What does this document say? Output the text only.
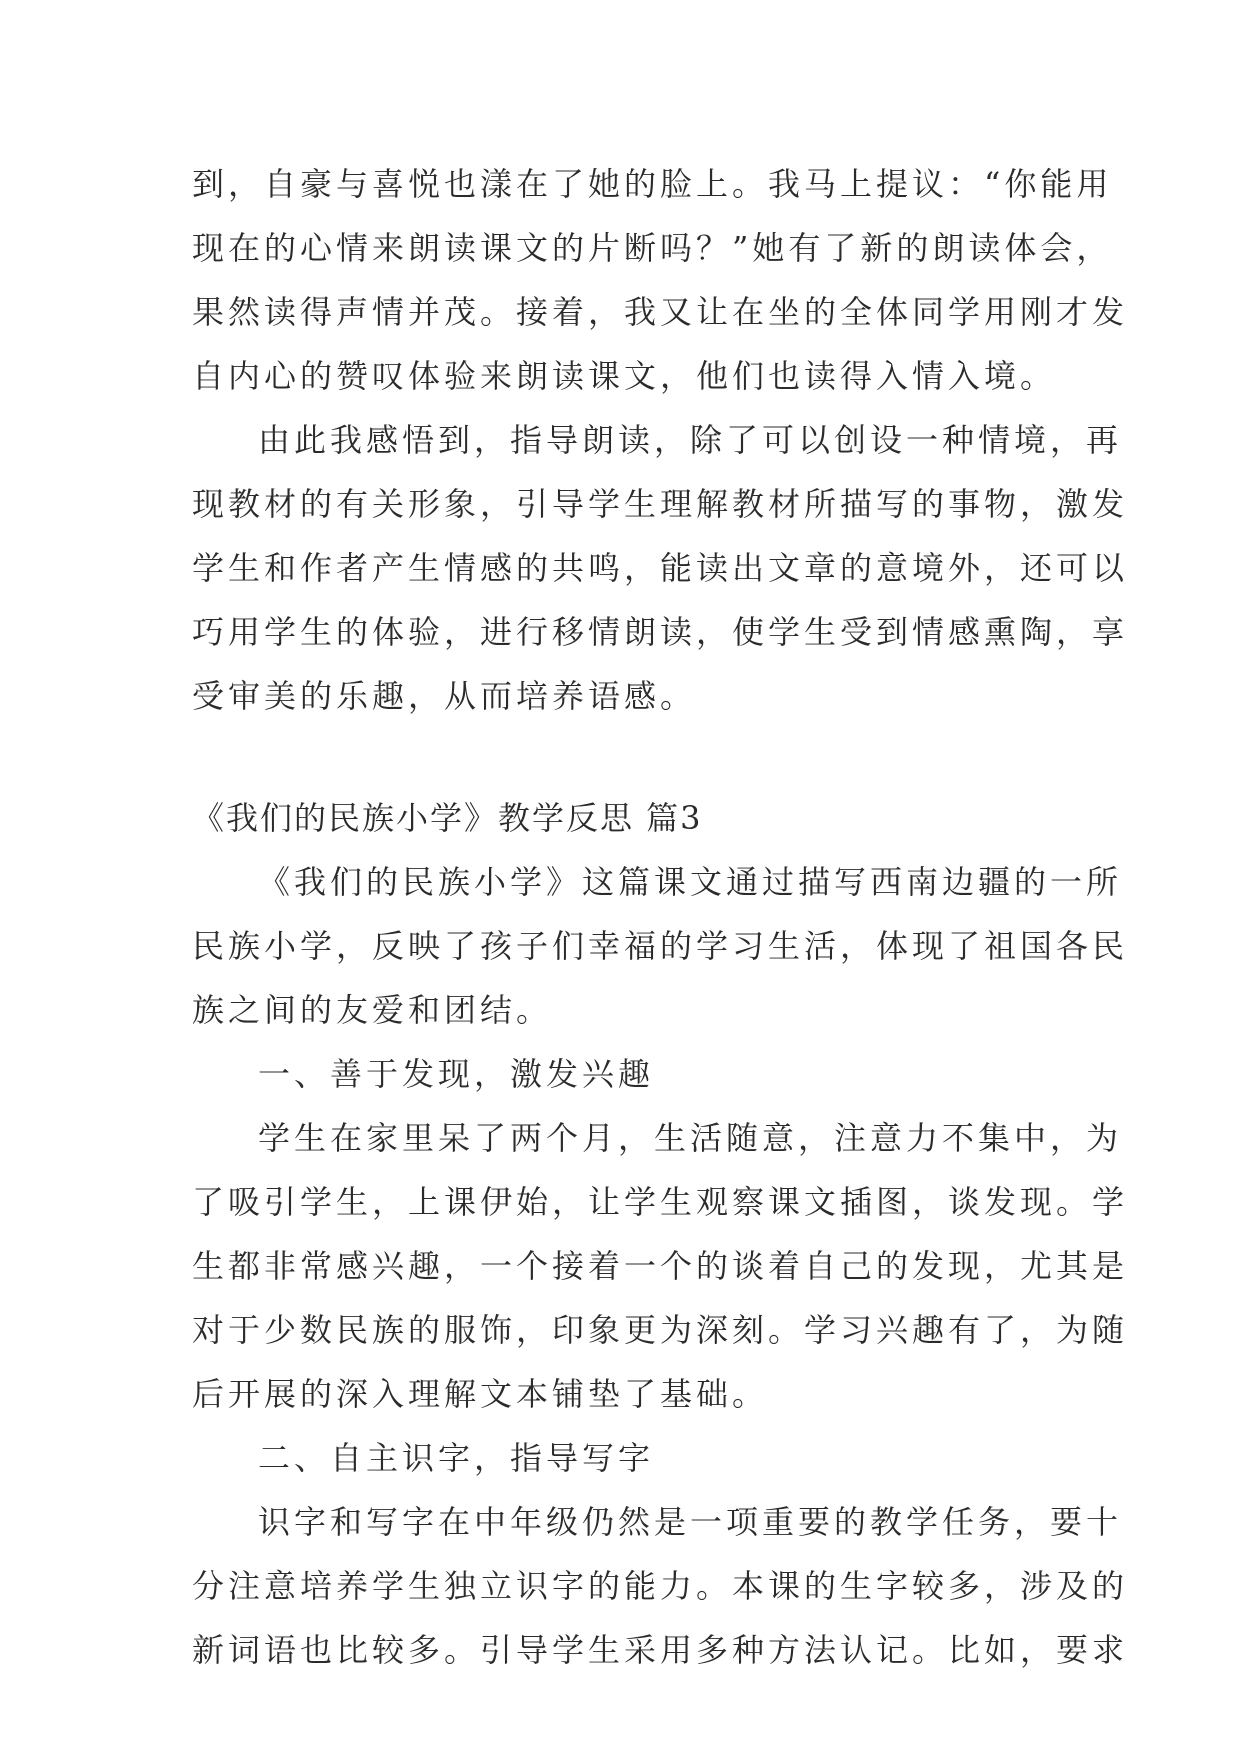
到，自豪与喜悦也漾在了她的脸上。我马上提议：“你能用
现在的心情来朗读课文的片断吗？”她有了新的朗读体会，
果然读得声情并茂。接着，我又让在坐的全体同学用刚才发
自内心的赞叹体验来朗读课文，他们也读得入情入境。
由此我感悟到，指导朗读，除了可以创设一种情境，再
现教材的有关形象，引导学生理解教材所描写的事物，激发
学生和作者产生情感的共鸣，能读出文章的意境外，还可以
巧用学生的体验，进行移情朗读，使学生受到情感熏陶，享
受审美的乐趣，从而培养语感。
《我们的民族小学》教学反思 篇3
《我们的民族小学》这篇课文通过描写西南边疆的一所
民族小学，反映了孩子们幸福的学习生活，体现了祖国各民
族之间的友爱和团结。
一、善于发现，激发兴趣
学生在家里呆了两个月，生活随意，注意力不集中，为
了吸引学生，上课伊始，让学生观察课文插图，谈发现。学
生都非常感兴趣，一个接着一个的谈着自己的发现，尤其是
对于少数民族的服饰，印象更为深刻。学习兴趣有了，为随
后开展的深入理解文本铺垫了基础。
二、自主识字，指导写字
识字和写字在中年级仍然是一项重要的教学任务，要十
分注意培养学生独立识字的能力。本课的生字较多，涉及的
新词语也比较多。引导学生采用多种方法认记。比如，要求
